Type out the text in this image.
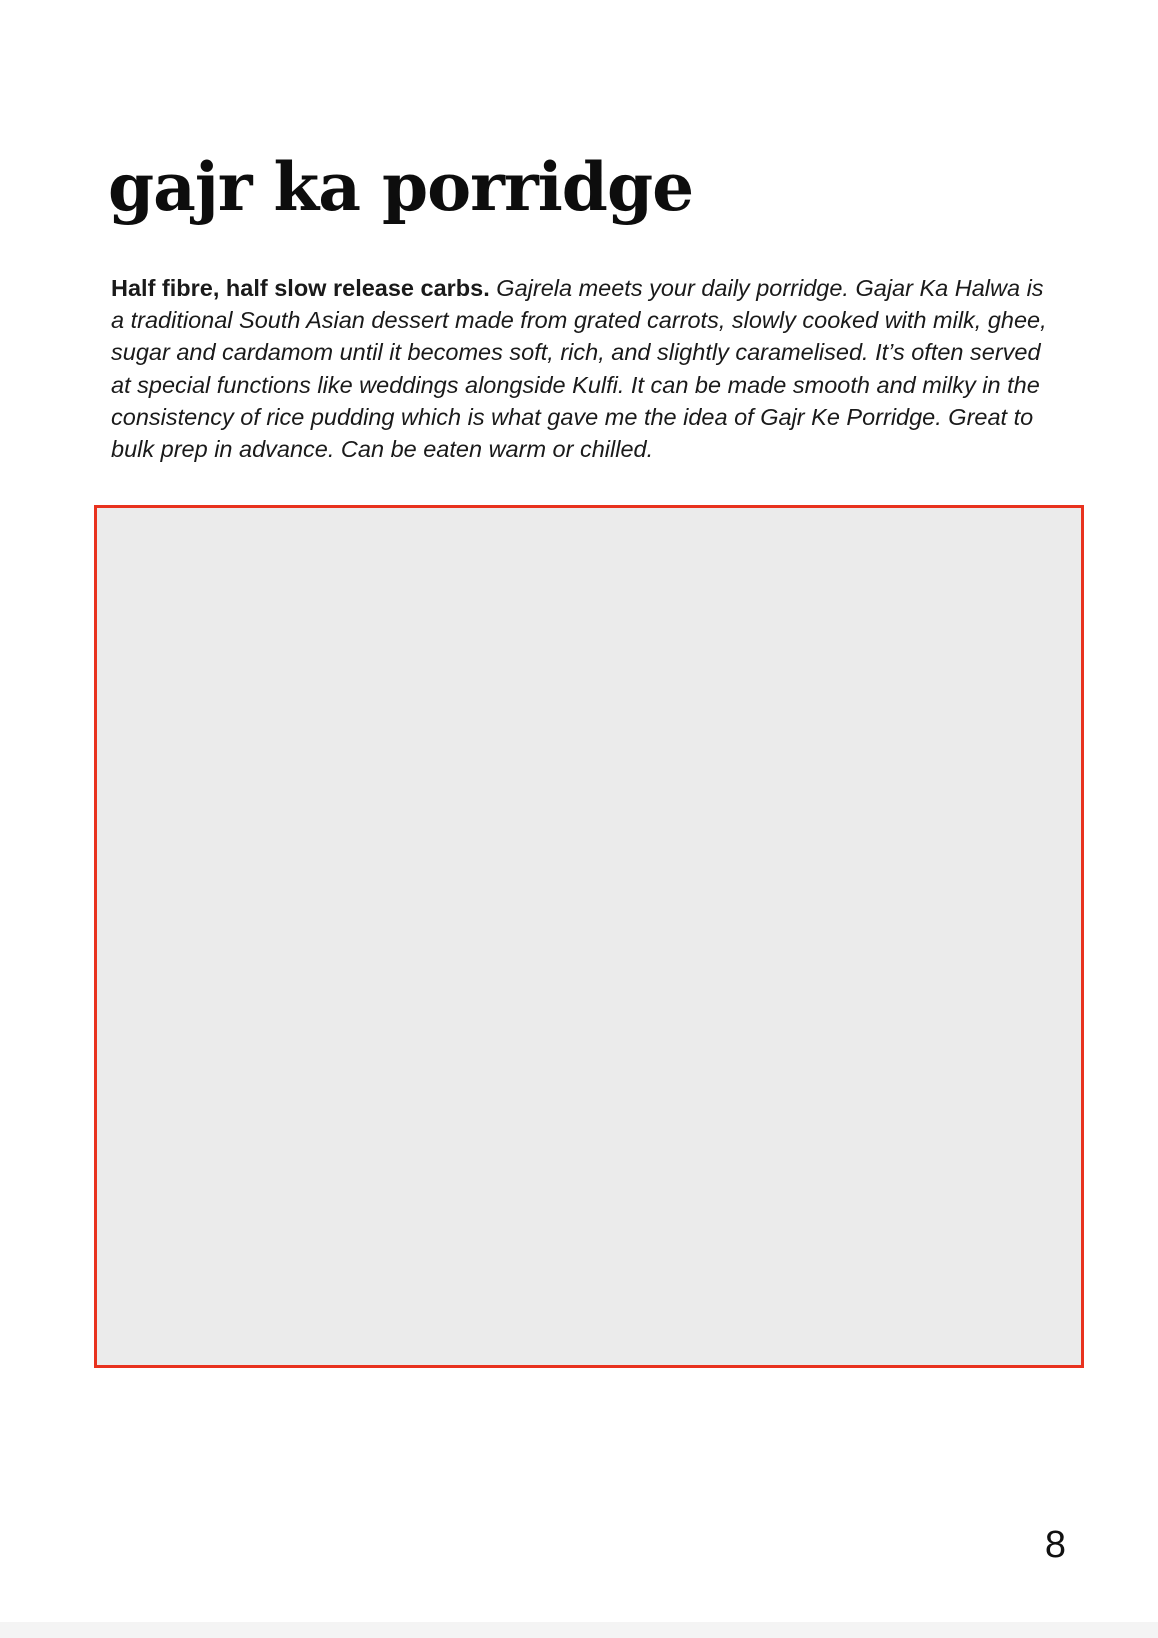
gajr ka porridge

Half fibre, half slow release carbs. Gajrela meets your daily porridge. Gajar Ka Halwa is a traditional South Asian dessert made from grated carrots, slowly cooked with milk, ghee, sugar and cardamom until it becomes soft, rich, and slightly caramelised. It’s often served at special functions like weddings alongside Kulfi. It can be made smooth and milky in the consistency of rice pudding which is what gave me the idea of Gajr Ke Porridge. Great to bulk prep in advance. Can be eaten warm or chilled.

8
